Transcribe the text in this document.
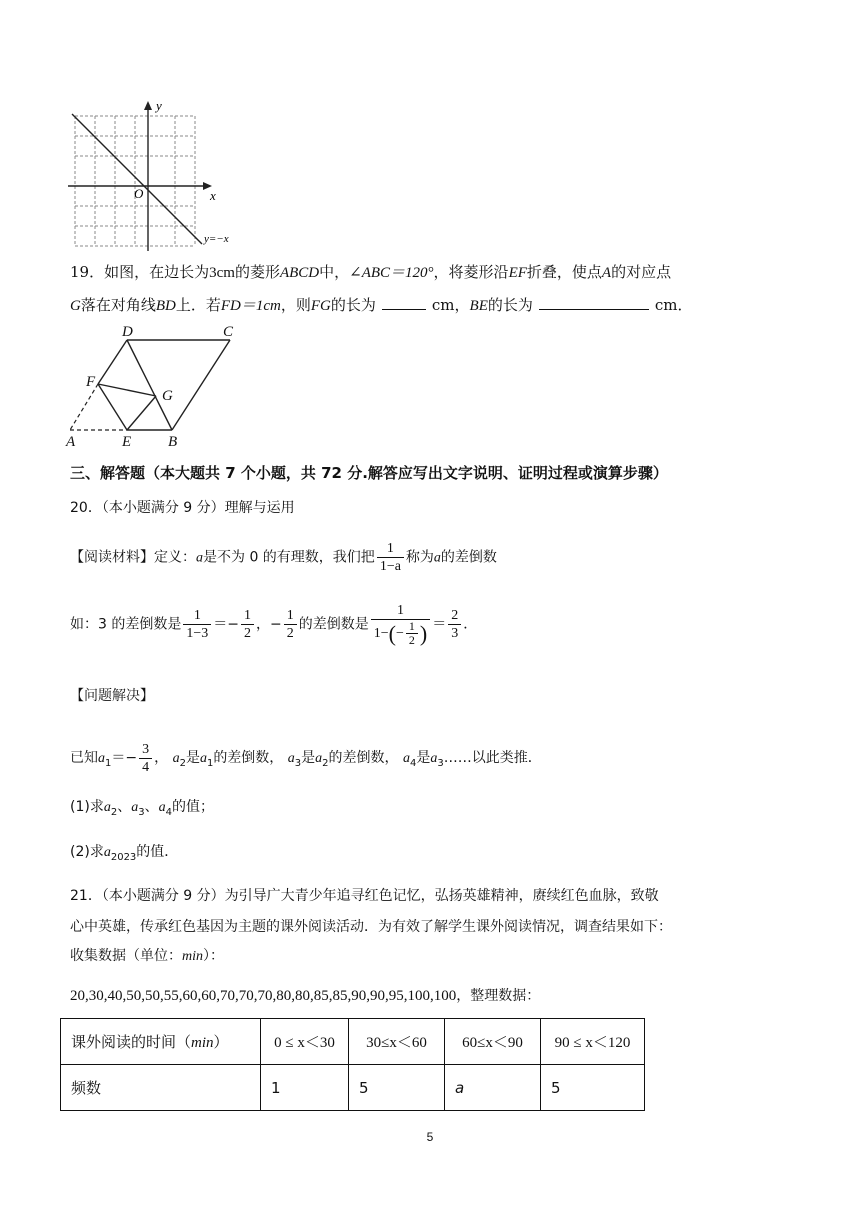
y
x
O
y=−x
19．如图，在边长为3cm的菱形ABCD中，∠ABC＝120°，将菱形沿EF折叠，使点A的对应点
G落在对角线BD上．若FD＝1cm，则FG的长为	cm，BE的长为	cm．
D	C
F
G
A	E B
三、解答题（本大题共 7 个小题，共 72 分.解答应写出文字说明、证明过程或演算步骤）
20．（本小题满分 9 分）理解与运用
【阅读材料】定义：a是不为 0 的有理数，我们把 $\frac{1}{1-a}$ 称为a的差倒数
如：3 的差倒数是 $\frac{1}{1-3} =- \frac{1}{2}$ ，− $\frac{1}{2}$ 的差倒数是 $\frac{1}{1- ( - \frac{1}{2} )} = \frac{2}{3}$ ．
【问题解决】
已知$a_1=- \frac{3}{4}$ ， $a_2$是$a_1$的差倒数， $a_3$是$a_2$的差倒数， $a_4$是$a_3\dots\dots$以此类推．
(1)求$a_2$、$a_3$、$a_4$的值；
(2)求$a_{2023}$的值．
21．（本小题满分 9 分）为引导广大青少年追寻红色记忆，弘扬英雄精神，赓续红色血脉，致敬
心中英雄，传承红色基因为主题的课外阅读活动．为有效了解学生课外阅读情况，调查结果如下：
收集数据（单位：min）：
20,30,40,50,50,55,60,60,70,70,70,80,80,85,85,90,90,95,100,100，整理数据：
课外阅读的时间（min）	0 ≤ x＜30	30≤x＜60	60≤x＜90	90 ≤ x＜120
频数	1	5	a	5
5
